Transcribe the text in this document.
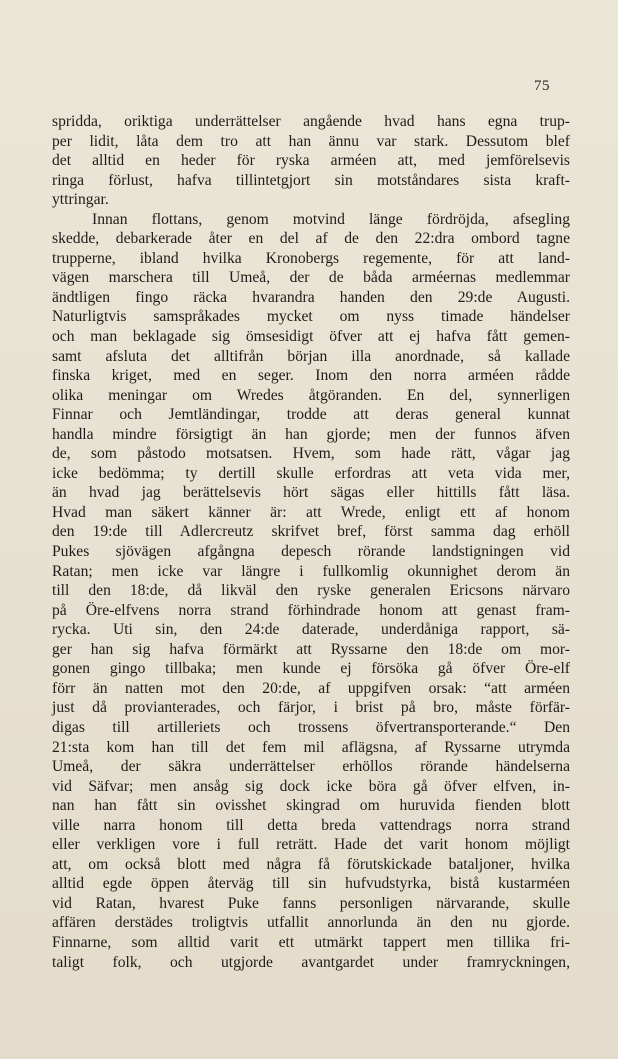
75
spridda, oriktiga underrättelser angående hvad hans egna trup-
per lidit, låta dem tro att han ännu var stark. Dessutom blef
det alltid en heder för ryska arméen att, med jemförelsevis
ringa förlust, hafva tillintetgjort sin motståndares sista kraft-
yttringar.
Innan flottans, genom motvind länge fördröjda, afsegling
skedde, debarkerade åter en del af de den 22:dra ombord tagne
trupperne, ibland hvilka Kronobergs regemente, för att land-
vägen marschera till Umeå, der de båda arméernas medlemmar
ändtligen fingo räcka hvarandra handen den 29:de Augusti.
Naturligtvis samspråkades mycket om nyss timade händelser
och man beklagade sig ömsesidigt öfver att ej hafva fått gemen-
samt afsluta det alltifrån början illa anordnade, så kallade
finska kriget, med en seger. Inom den norra arméen rådde
olika meningar om Wredes åtgöranden. En del, synnerligen
Finnar och Jemtländingar, trodde att deras general kunnat
handla mindre försigtigt än han gjorde; men der funnos äfven
de, som påstodo motsatsen. Hvem, som hade rätt, vågar jag
icke bedömma; ty dertill skulle erfordras att veta vida mer,
än hvad jag berättelsevis hört sägas eller hittills fått läsa.
Hvad man säkert känner är: att Wrede, enligt ett af honom
den 19:de till Adlercreutz skrifvet bref, först samma dag erhöll
Pukes sjövägen afgångna depesch rörande landstigningen vid
Ratan; men icke var längre i fullkomlig okunnighet derom än
till den 18:de, då likväl den ryske generalen Ericsons närvaro
på Öre-elfvens norra strand förhindrade honom att genast fram-
rycka. Uti sin, den 24:de daterade, underdåniga rapport, sä-
ger han sig hafva förmärkt att Ryssarne den 18:de om mor-
gonen gingo tillbaka; men kunde ej försöka gå öfver Öre-elf
förr än natten mot den 20:de, af uppgifven orsak: “att arméen
just då provianterades, och färjor, i brist på bro, måste förfär-
digas till artilleriets och trossens öfvertransporterande.“ Den
21:sta kom han till det fem mil aflägsna, af Ryssarne utrymda
Umeå, der säkra underrättelser erhöllos rörande händelserna
vid Säfvar; men ansåg sig dock icke böra gå öfver elfven, in-
nan han fått sin ovisshet skingrad om huruvida fienden blott
ville narra honom till detta breda vattendrags norra strand
eller verkligen vore i full reträtt. Hade det varit honom möjligt
att, om också blott med några få förutskickade bataljoner, hvilka
alltid egde öppen återväg till sin hufvudstyrka, bistå kustarméen
vid Ratan, hvarest Puke fanns personligen närvarande, skulle
affären derstädes troligtvis utfallit annorlunda än den nu gjorde.
Finnarne, som alltid varit ett utmärkt tappert men tillika fri-
taligt folk, och utgjorde avantgardet under framryckningen,
